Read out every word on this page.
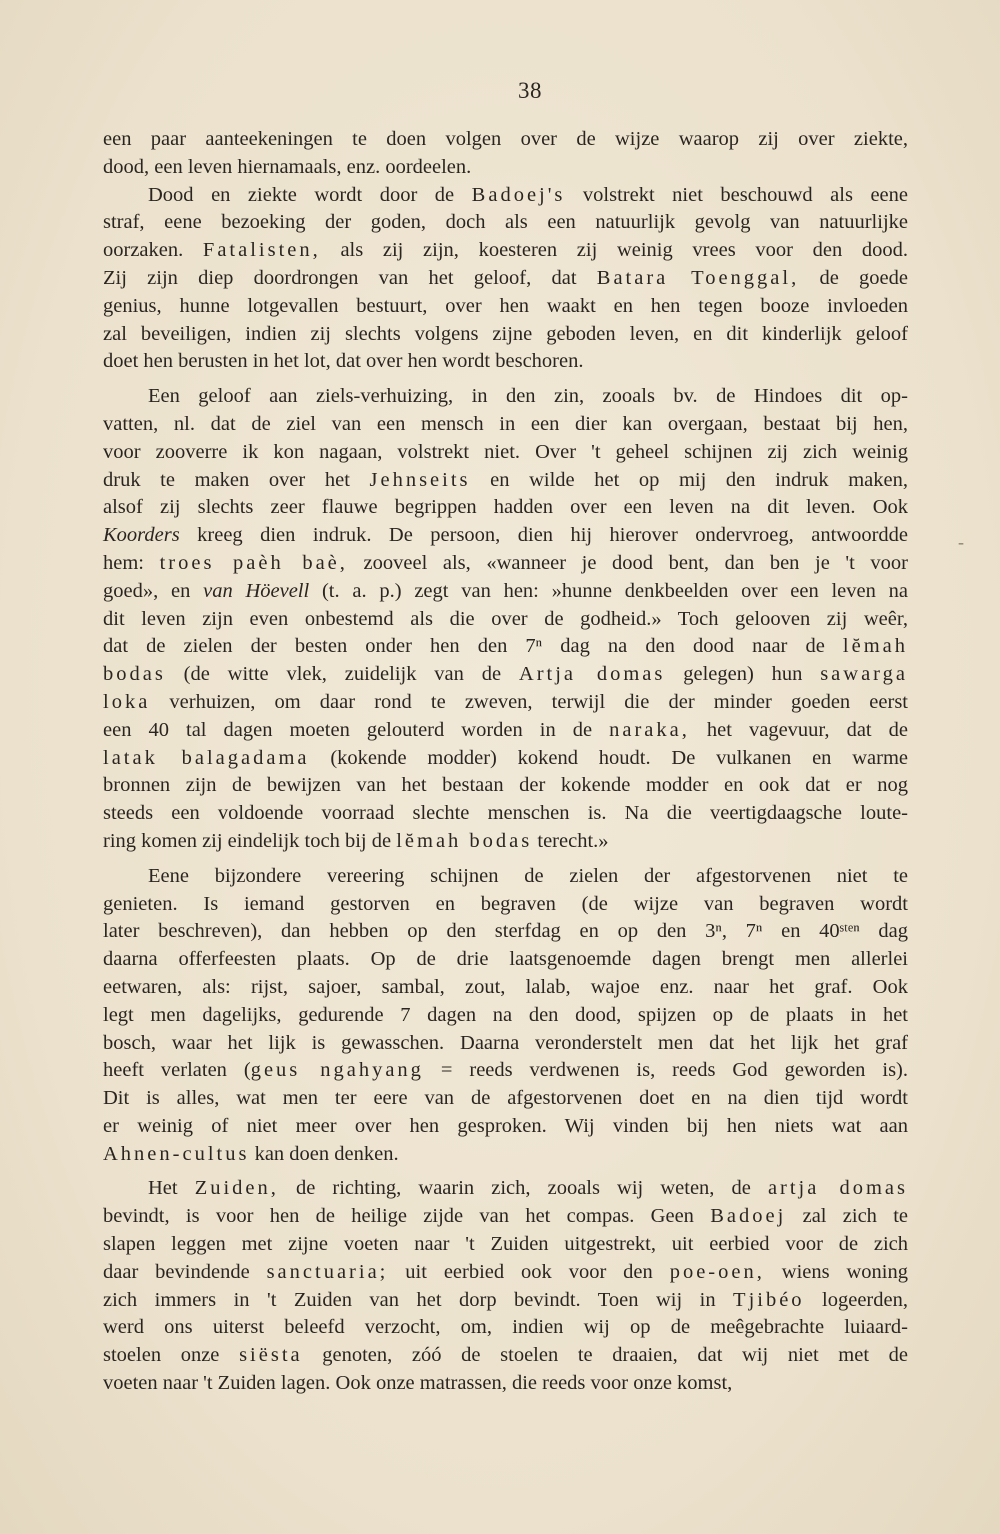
38
een paar aanteekeningen te doen volgen over de wijze waarop zij over ziekte,
dood, een leven hiernamaals, enz. oordeelen.
Dood en ziekte wordt door de Badoej's volstrekt niet beschouwd als eene
straf, eene bezoeking der goden, doch als een natuurlijk gevolg van natuurlijke
oorzaken. Fatalisten, als zij zijn, koesteren zij weinig vrees voor den dood.
Zij zijn diep doordrongen van het geloof, dat Batara Toenggal, de goede
genius, hunne lotgevallen bestuurt, over hen waakt en hen tegen booze invloeden
zal beveiligen, indien zij slechts volgens zijne geboden leven, en dit kinderlijk geloof
doet hen berusten in het lot, dat over hen wordt beschoren.
Een geloof aan ziels-verhuizing, in den zin, zooals bv. de Hindoes dit op-
vatten, nl. dat de ziel van een mensch in een dier kan overgaan, bestaat bij hen,
voor zooverre ik kon nagaan, volstrekt niet. Over 't geheel schijnen zij zich weinig
druk te maken over het Jehnseits en wilde het op mij den indruk maken,
alsof zij slechts zeer flauwe begrippen hadden over een leven na dit leven. Ook
Koorders kreeg dien indruk. De persoon, dien hij hierover ondervroeg, antwoordde
hem: troes paèh baè, zooveel als, «wanneer je dood bent, dan ben je 't voor
goed», en van Höevell (t. a. p.) zegt van hen: »hunne denkbeelden over een leven na
dit leven zijn even onbestemd als die over de godheid.» Toch gelooven zij weêr,
dat de zielen der besten onder hen den 7ⁿ dag na den dood naar de lĕmah
bodas (de witte vlek, zuidelijk van de Artja domas gelegen) hun sawarga
loka verhuizen, om daar rond te zweven, terwijl die der minder goeden eerst
een 40 tal dagen moeten gelouterd worden in de naraka, het vagevuur, dat de
latak balagadama (kokende modder) kokend houdt. De vulkanen en warme
bronnen zijn de bewijzen van het bestaan der kokende modder en ook dat er nog
steeds een voldoende voorraad slechte menschen is. Na die veertigdaagsche loute-
ring komen zij eindelijk toch bij de lĕmah bodas terecht.»
Eene bijzondere vereering schijnen de zielen der afgestorvenen niet te
genieten. Is iemand gestorven en begraven (de wijze van begraven wordt
later beschreven), dan hebben op den sterfdag en op den 3ⁿ, 7ⁿ en 40ˢᵗᵉⁿ dag
daarna offerfeesten plaats. Op de drie laatsgenoemde dagen brengt men allerlei
eetwaren, als: rijst, sajoer, sambal, zout, lalab, wajoe enz. naar het graf. Ook
legt men dagelijks, gedurende 7 dagen na den dood, spijzen op de plaats in het
bosch, waar het lijk is gewasschen. Daarna veronderstelt men dat het lijk het graf
heeft verlaten (geus ngahyang = reeds verdwenen is, reeds God geworden is).
Dit is alles, wat men ter eere van de afgestorvenen doet en na dien tijd wordt
er weinig of niet meer over hen gesproken. Wij vinden bij hen niets wat aan
Ahnen-cultus kan doen denken.
Het Zuiden, de richting, waarin zich, zooals wij weten, de artja domas
bevindt, is voor hen de heilige zijde van het compas. Geen Badoej zal zich te
slapen leggen met zijne voeten naar 't Zuiden uitgestrekt, uit eerbied voor de zich
daar bevindende sanctuaria; uit eerbied ook voor den poe-oen, wiens woning
zich immers in 't Zuiden van het dorp bevindt. Toen wij in Tjibéo logeerden,
werd ons uiterst beleefd verzocht, om, indien wij op de meêgebrachte luiaard-
stoelen onze siësta genoten, zóó de stoelen te draaien, dat wij niet met de
voeten naar 't Zuiden lagen. Ook onze matrassen, die reeds voor onze komst,
-
